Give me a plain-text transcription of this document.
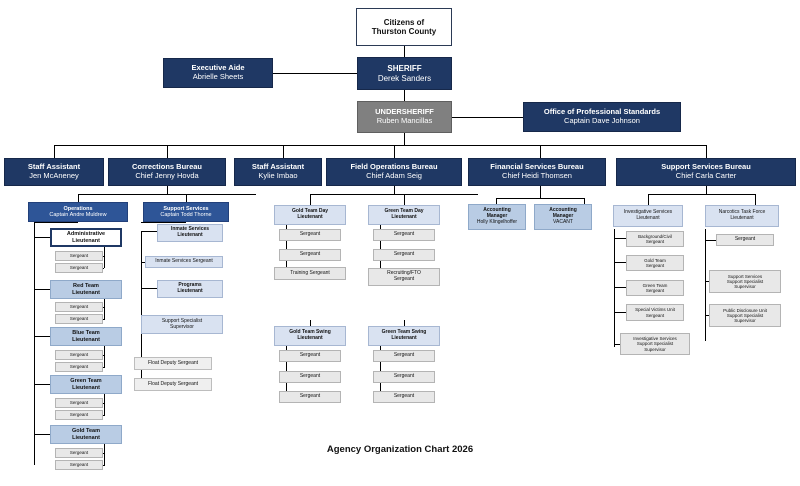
Citizens of
Thurston County
Executive Aide
Abrielle Sheets
SHERIFF
Derek Sanders
UNDERSHERIFF
Ruben Mancillas
Office of Professional Standards
Captain Dave Johnson
Staff Assistant
Jen McAneney
Corrections Bureau
Chief Jenny Hovda
Staff Assistant
Kylie Imbao
Field Operations Bureau
Chief Adam Seig
Financial Services Bureau
Chief Heidi Thomsen
Support Services Bureau
Chief Carla Carter
Operations
Captain Andre Muldrew
Support Services
Captain Todd Thorne
Administrative
Lieutenant
Sergeant
Sergeant
Red Team
Lieutenant
Sergeant
Sergeant
Blue Team
Lieutenant
Sergeant
Sergeant
Green Team
Lieutenant
Sergeant
Sergeant
Gold Team
Lieutenant
Sergeant
Sergeant
Inmate Services
Lieutenant
Inmate Services Sergeant
Programs
Lieutenant
Support Specialist
Supervisor
Float Deputy Sergeant
Float Deputy Sergeant
Gold Team Day
Lieutenant
Sergeant
Sergeant
Training Sergeant
Green Team Day
Lieutenant
Sergeant
Sergeant
Recruiting/FTO
Sergeant
Gold Team Swing
Lieutenant
Sergeant
Sergeant
Sergeant
Green Team Swing
Lieutenant
Sergeant
Sergeant
Sergeant
Accounting
Manager
Holly Klingelhoffer
Accounting
Manager
VACANT
Investigative Services
Lieutenant
Background/Civil
Sergeant
Gold Team
Sergeant
Green Team
Sergeant
Special Victims Unit
Sergeant
Investigative Services
Support Specialist
Supervisor
Narcotics Task Force
Lieutenant
Sergeant
Support Services
Support Specialist
Supervisor
Public Disclosure Unit
Support Specialist
Supervisor
Agency Organization Chart 2026
